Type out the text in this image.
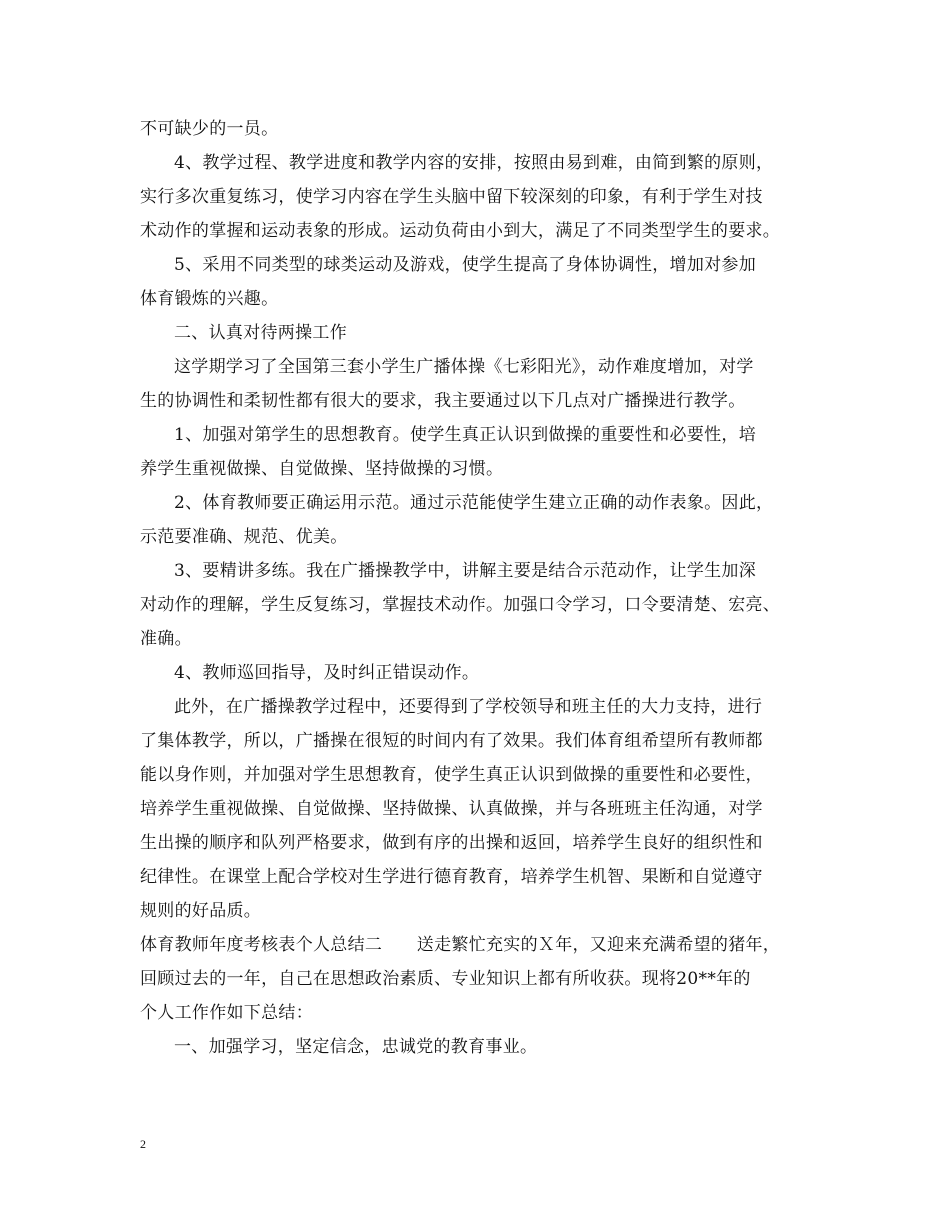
不可缺少的一员。
4、教学过程、教学进度和教学内容的安排，按照由易到难，由简到繁的原则，
实行多次重复练习，使学习内容在学生头脑中留下较深刻的印象，有利于学生对技
术动作的掌握和运动表象的形成。运动负荷由小到大，满足了不同类型学生的要求。
5、采用不同类型的球类运动及游戏，使学生提高了身体协调性，增加对参加
体育锻炼的兴趣。
二、认真对待两操工作
这学期学习了全国第三套小学生广播体操《七彩阳光》，动作难度增加，对学
生的协调性和柔韧性都有很大的要求，我主要通过以下几点对广播操进行教学。
1、加强对第学生的思想教育。使学生真正认识到做操的重要性和必要性，培
养学生重视做操、自觉做操、坚持做操的习惯。
2、体育教师要正确运用示范。通过示范能使学生建立正确的动作表象。因此，
示范要准确、规范、优美。
3、要精讲多练。我在广播操教学中，讲解主要是结合示范动作，让学生加深
对动作的理解，学生反复练习，掌握技术动作。加强口令学习，口令要清楚、宏亮、
准确。
4、教师巡回指导，及时纠正错误动作。
此外，在广播操教学过程中，还要得到了学校领导和班主任的大力支持，进行
了集体教学，所以，广播操在很短的时间内有了效果。我们体育组希望所有教师都
能以身作则，并加强对学生思想教育，使学生真正认识到做操的重要性和必要性，
培养学生重视做操、自觉做操、坚持做操、认真做操，并与各班班主任沟通，对学
生出操的顺序和队列严格要求，做到有序的出操和返回，培养学生良好的组织性和
纪律性。在课堂上配合学校对生学进行德育教育，培养学生机智、果断和自觉遵守
规则的好品质。
体育教师年度考核表个人总结二　　送走繁忙充实的Ｘ年，又迎来充满希望的猪年，
回顾过去的一年，自己在思想政治素质、专业知识上都有所收获。现将20**年的
个人工作作如下总结：
一、加强学习，坚定信念，忠诚党的教育事业。
2
